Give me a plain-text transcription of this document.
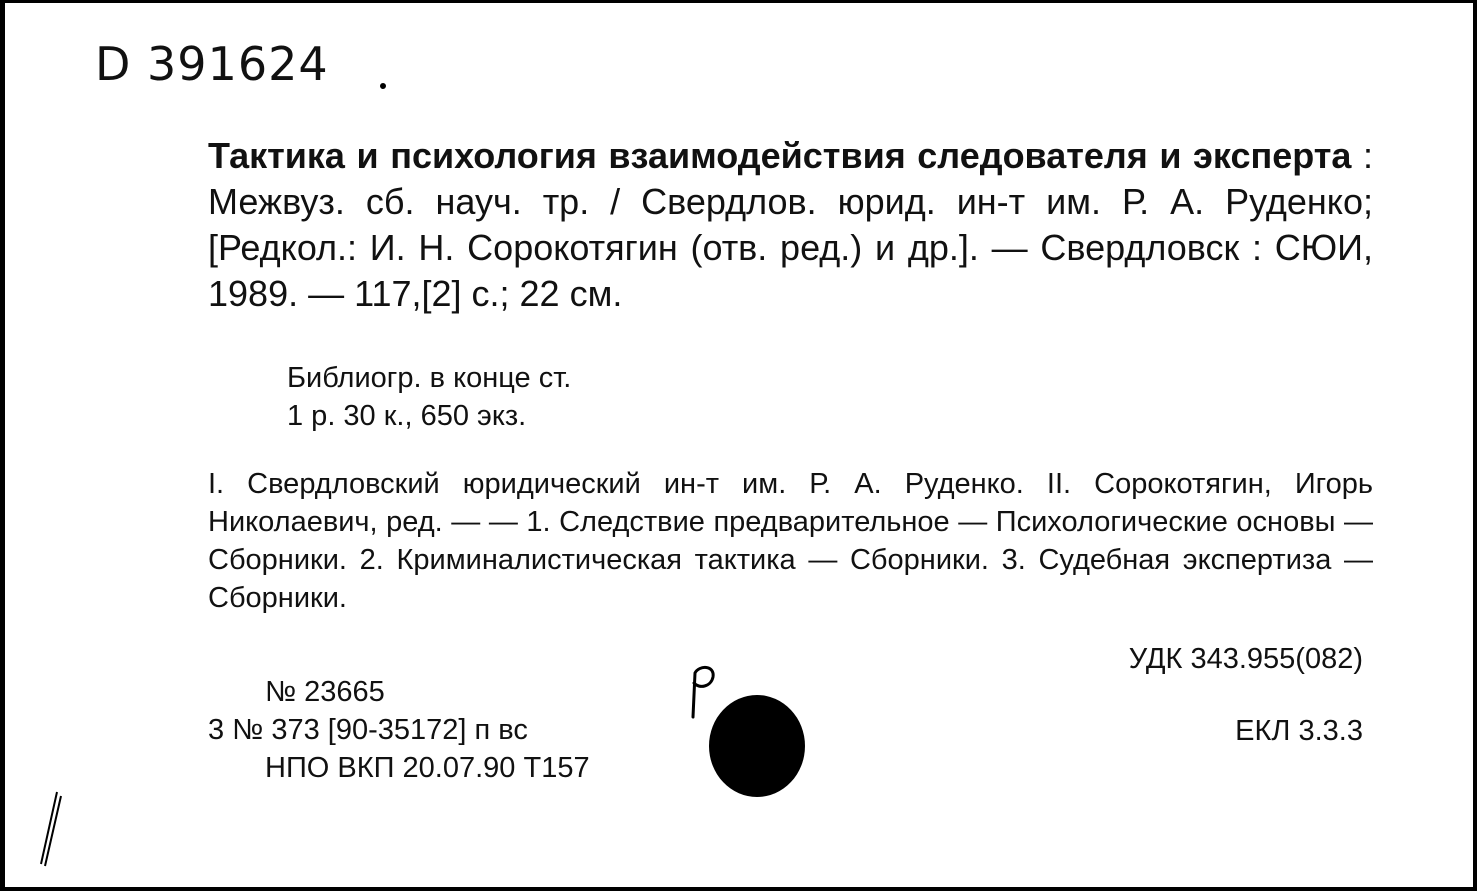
D 391624
Тактика и психология взаимодействия следователя и эксперта : Межвуз. сб. науч. тр. / Свердлов. юрид. ин-т им. Р. А. Руденко; [Редкол.: И. Н. Сорокотягин (отв. ред.) и др.]. — Свердловск : СЮИ, 1989. — 117,[2] с.; 22 см.
Библиогр. в конце ст.
1 р. 30 к., 650 экз.
I. Свердловский юридический ин-т им. Р. А. Руденко. II. Сорокотягин, Игорь Николаевич, ред. — — 1. Следствие предварительное — Психологические основы — Сборники. 2. Криминалистическая тактика — Сборники. 3. Судебная экспертиза — Сборники.
№ 23665
3 № 373 [90-35172] п вс
НПО ВКП 20.07.90 Т157
УДК 343.955(082)
ЕКЛ 3.3.3
